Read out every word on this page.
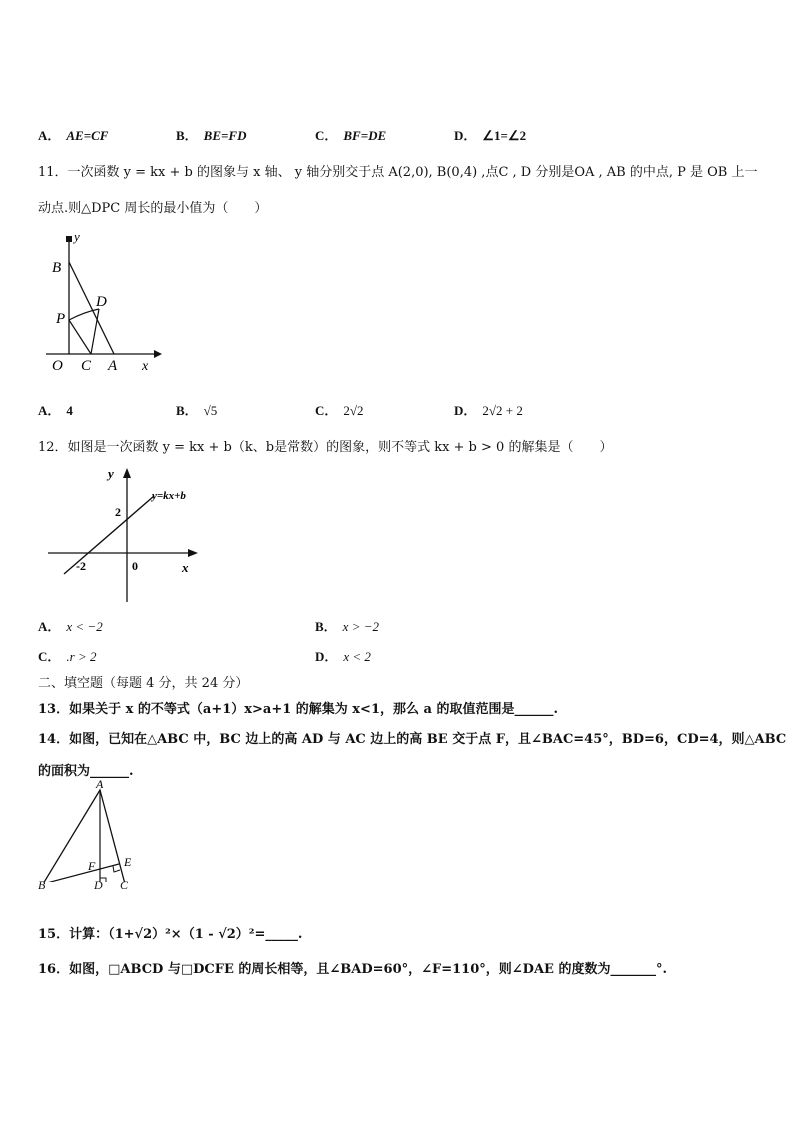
A． AE=CF	B． BE=FD	C． BF=DE	D． ∠1=∠2
11．一次函数 y = kx + b 的图象与 x 轴、 y 轴分别交于点 A(2,0), B(0,4) ,点C , D 分别是OA , AB 的中点, P 是 OB 上一
动点.则△DPC 周长的最小值为（　　）
y
B
D
P
O C A x
A． 4	B． √5	C． 2√2	D． 2√2 + 2
12．如图是一次函数 y = kx + b（k、b是常数）的图象，则不等式 kx + b > 0 的解集是（　　）
y
y=kx+b
2
-2	0	x
A． x < −2	B． x > −2
C． .r > 2	D． x < 2
二、填空题（每题 4 分，共 24 分）
13．如果关于 x 的不等式（a+1）x>a+1 的解集为 x<1，那么 a 的取值范围是______.
14．如图，已知在△ABC 中，BC 边上的高 AD 与 AC 边上的高 BE 交于点 F，且∠BAC=45°，BD=6，CD=4，则△ABC
的面积为______.
A
F E
B	D C
15．计算：（1+√2）²×（1 - √2）²=_____.
16．如图，□ABCD 与□DCFE 的周长相等，且∠BAD=60°，∠F=110°，则∠DAE 的度数为_______°.
